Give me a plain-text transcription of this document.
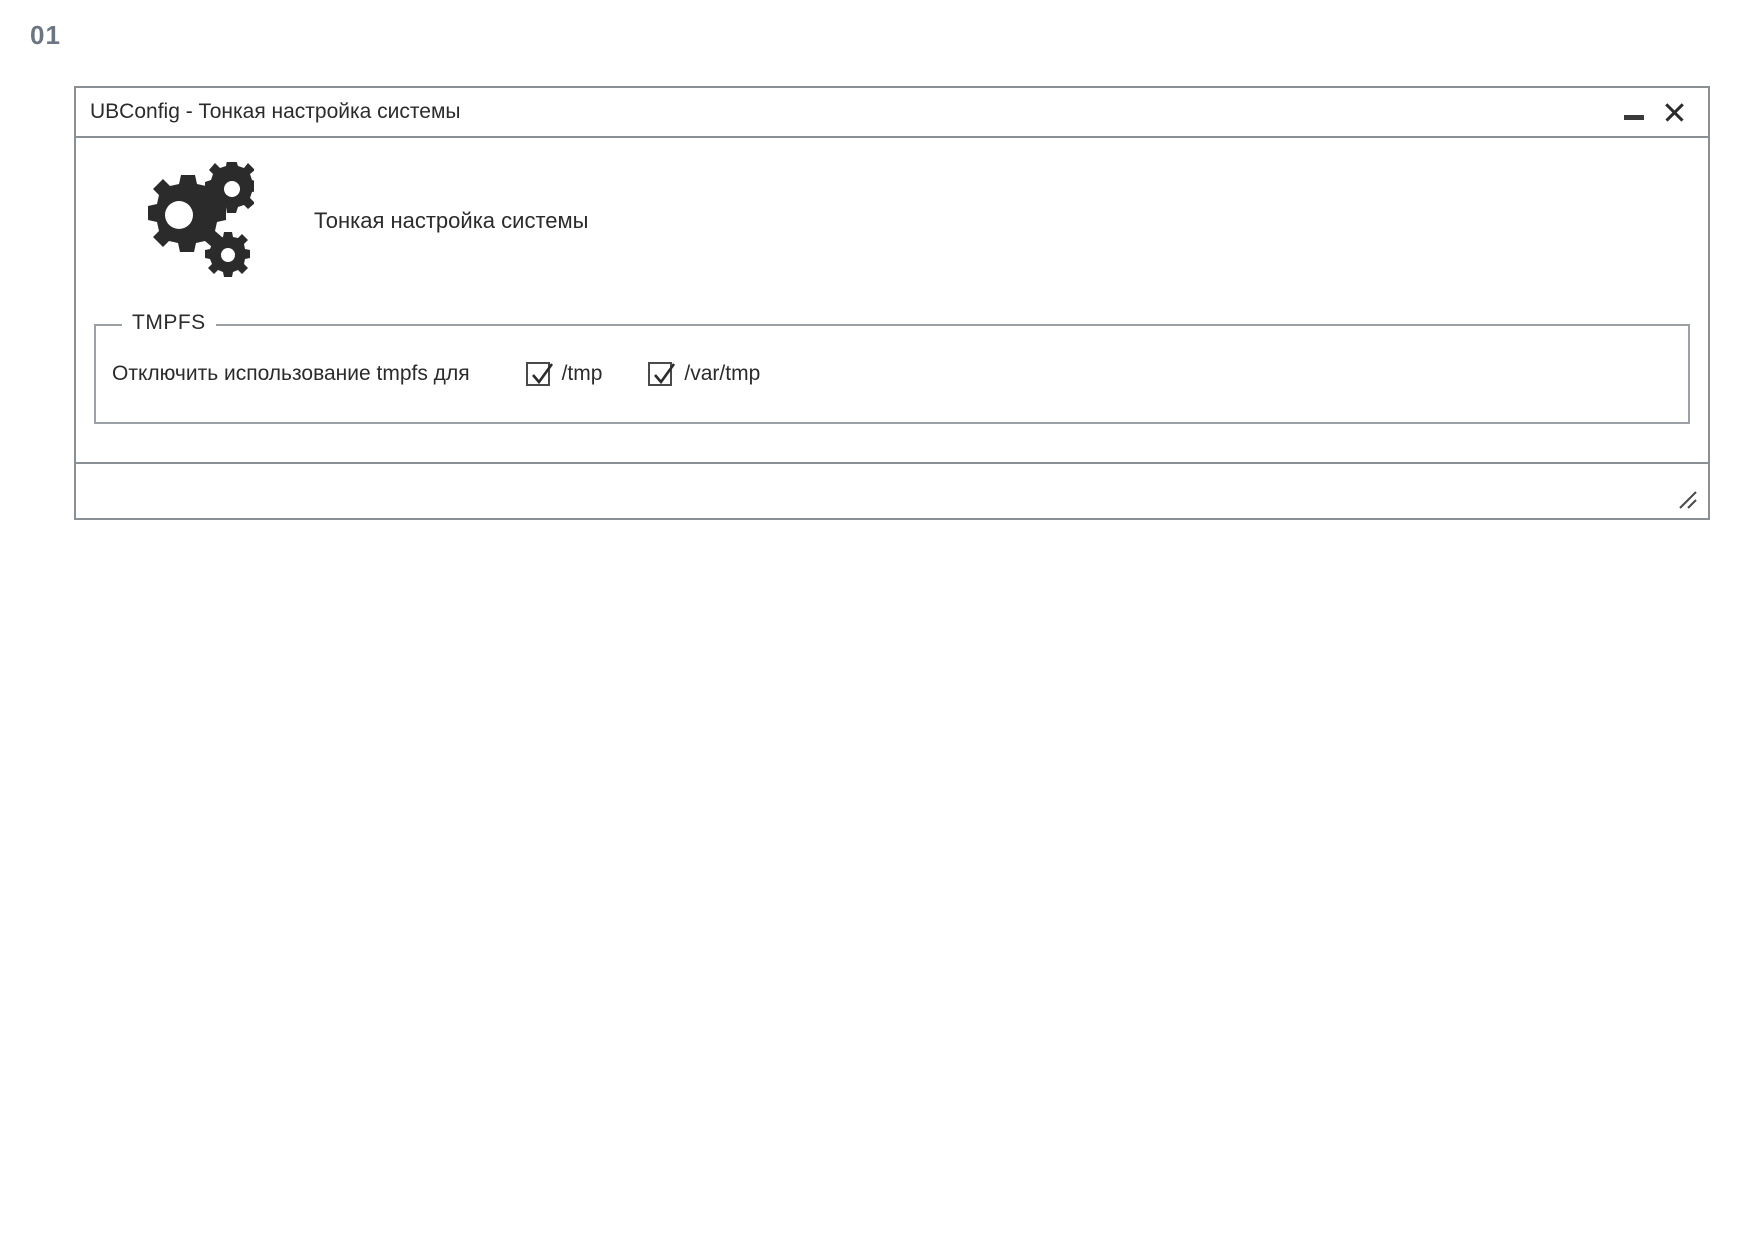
01
UBConfig - Тонкая настройка системы
Тонкая настройка системы
TMPFS
Отключить использование tmpfs для	/tmp	/var/tmp
